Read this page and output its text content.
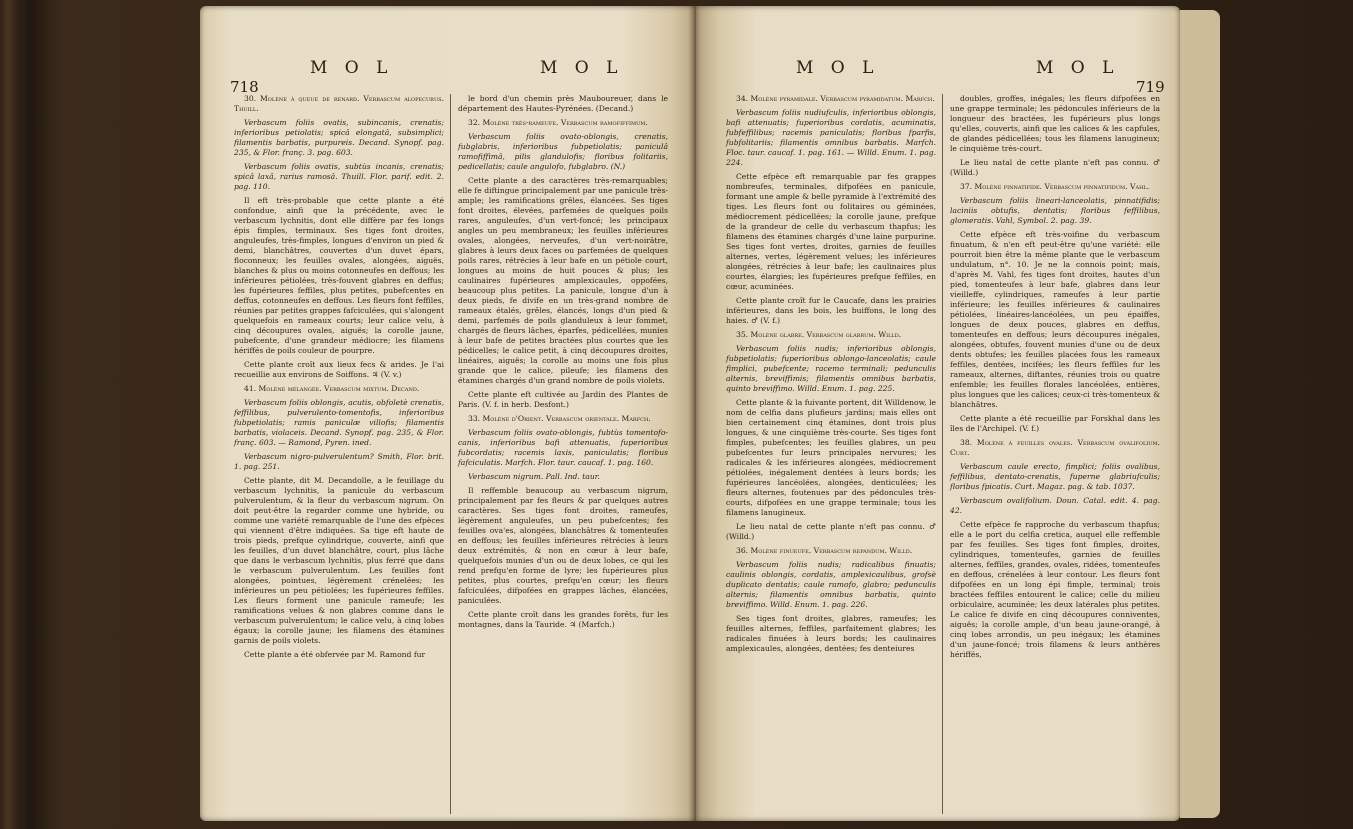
718
M O L	M O L

30. Molène à queue de renard. Verbascum alopecurus. Thuill.

Verbascum foliis ovatis, subincanis, crenatis; inferioribus petiolatis; spicâ elongatâ, subsimplici; filamentis barbatis, purpureis. Decand. Synopf. pag. 235, & Flor. franç. 3. pag. 603.

Verbascum foliis ovatis, subtùs incanis, crenatis; spicâ laxâ, rarius ramosâ. Thuill. Flor. parif. edit. 2. pag. 110.

Il eft très-probable que cette plante a été confondue, ainfi que la précédente, avec le verbascum lychnitis, dont elle diffère par fes longs épis fimples, terminaux. Ses tiges font droites, anguleufes, très-fimples, longues d'environ un pied & demi, blanchâtres, couvertes d'un duvet épars, floconneux; les feuilles ovales, alongées, aiguës, blanches & plus ou moins cotonneufes en deffous; les inférieures pétiolées, très-fouvent glabres en deffus; les fupérieures feffiles, plus petites, pubefcentes en deffus, cotonneufes en deffous. Les fleurs font feffiles, réunies par petites grappes fafciculées, qui s'alongent quelquefois en rameaux courts; leur calice velu, à cinq découpures ovales, aiguës; la corolle jaune, pubefcente, d'une grandeur médiocre; les filamens hériffés de poils couleur de pourpre.

Cette plante croît aux lieux fecs & arides. Je l'ai recueillie aux environs de Soiffons. ♃ (V. v.)

41. Molène mélangée. Verbascum mixtum. Decand.

Verbascum foliis oblongis, acutis, obfoletè crenatis, feffilibus, pulverulento-tomentofis, inferioribus fubpetiolatis; ramis paniculæ villofis; filamentis barbatis, violaceis. Decand. Synopf. pag. 235, & Flor. franç. 603. — Ramond, Pyren. ined.

Verbascum nigro-pulverulentum? Smith, Flor. brit. 1. pag. 251.

Cette plante, dit M. Decandolle, a le feuillage du verbascum lychnitis, la panicule du verbascum pulverulentum, & la fleur du verbascum nigrum. On doit peut-être la regarder comme une hybride, ou comme une variété remarquable de l'une des efpèces qui viennent d'être indiquées. Sa tige eft haute de trois pieds, prefque cylindrique, couverte, ainfi que les feuilles, d'un duvet blanchâtre, court, plus lâche que dans le verbascum lychnitis, plus ferré que dans le verbascum pulverulentum. Les feuilles font alongées, pointues, légèrement crénelées; les inférieures un peu pétiolées; les fupérieures feffiles. Les fleurs forment une panicule rameufe; les ramifications velues & non glabres comme dans le verbascum pulverulentum; le calice velu, à cinq lobes égaux; la corolle jaune; les filamens des étamines garnis de poils violets.

Cette plante a été obfervée par M. Ramond fur

le bord d'un chemin près Mauboureuer, dans le département des Hautes-Pyrénées. (Decand.)

32. Molène très-rameufe. Verbascum ramofiffimum.

Verbascum foliis ovato-oblongis, crenatis, fubglabris, inferioribus fubpetiolatis; paniculâ ramofiffimâ, pilis glandulofis; floribus folitariis, pedicellatis; caule angulofo, fubglabro. (N.)

Cette plante a des caractères très-remarquables; elle fe diftingue principalement par une panicule très-ample; les ramifications grêles, élancées. Ses tiges font droites, élevées, parfemées de quelques poils rares, anguleufes, d'un vert-foncé; les principaux angles un peu membraneux; les feuilles inférieures ovales, alongées, nerveufes, d'un vert-noirâtre, glabres à leurs deux faces ou parfemées de quelques poils rares, rétrécies à leur bafe en un pétiole court, longues au moins de huit pouces & plus; les caulinaires fupérieures amplexicaules, oppofées, beaucoup plus petites. La panicule, longue d'un à deux pieds, fe divife en un très-grand nombre de rameaux étalés, grêles, élancés, longs d'un pied & demi, parfemés de poils glanduleux à leur fommet, chargés de fleurs lâches, éparfes, pédicellées, munies à leur bafe de petites bractées plus courtes que les pédicelles; le calice petit, à cinq découpures droites, linéaires, aiguës; la corolle au moins une fois plus grande que le calice, pileufe; les filamens des étamines chargés d'un grand nombre de poils violets.

Cette plante eft cultivée au Jardin des Plantes de Paris. (V. f. in herb. Desfont.)

33. Molène d'Orient. Verbascum orientale. Marfch.

Verbascum foliis ovato-oblongis, fubtùs tomentofo-canis, inferioribus bafi attenuatis, fuperioribus fubcordatis; racemis laxis, paniculatis; floribus fafciculatis. Marfch. Flor. taur. caucaf. 1. pag. 160.

Verbascum nigrum. Pall. Ind. taur.

Il reffemble beaucoup au verbascum nigrum, principalement par fes fleurs & par quelques autres caractères. Ses tiges font droites, rameufes, légèrement anguleufes, un peu pubefcentes; fes feuilles ova'es, alongées, blanchâtres & tomenteufes en deffous; les feuilles inférieures rétrécies à leurs deux extrémités, & non en cœur à leur bafe, quelquefois munies d'un ou de deux lobes, ce qui les rend prefqu'en forme de lyre; les fupérieures plus petites, plus courtes, prefqu'en cœur; les fleurs fafciculées, difpofées en grappes lâches, élancées, paniculées.

Cette plante croît dans les grandes forêts, fur les montagnes, dans la Tauride. ♃ (Marfch.)

M O L	M O L
719

34. Molène pyramidale. Verbascum pyramidatum. Marfch.

Verbascum foliis nudiufculis, inferioribus oblongis, bafi attenuatis; fuperioribus cordatis, acuminatis, fubfeffilibus; racemis paniculatis; floribus fparfis, fubfolitariis; filamentis omnibus barbatis. Marfch. Floc. taur. caucaf. 1. pag. 161. — Willd. Enum. 1. pag. 224.

Cette efpèce eft remarquable par fes grappes nombreufes, terminales, difpofées en panicule, formant une ample & belle pyramide à l'extrémité des tiges. Les fleurs font ou folitaires ou géminées, médiocrement pédicellées; la corolle jaune, prefque de la grandeur de celle du verbascum thapfus; les filamens des étamines chargés d'une laine purpurine. Ses tiges font vertes, droites, garnies de feuilles alternes, vertes, légèrement velues; les inférieures alongées, rétrécies à leur bafe; les caulinaires plus courtes, élargies; les fupérieures prefque feffiles, en cœur, acuminées.

Cette plante croît fur le Caucafe, dans les prairies inférieures, dans les bois, les buiffons, le long des haies. ♂ (V. f.)

35. Molène glabre. Verbascum glabrum. Willd.

Verbascum foliis nudis; inferioribus oblongis, fubpetiolatis; fuperioribus oblongo-lanceolatis; caule fimplici, pubefcente; racemo terminali; pedunculis alternis, breviffimis; filamentis omnibus barbatis, quinto breviffimo. Willd. Enum. 1. pag. 225.

Cette plante & la fuivante portent, dit Willdenow, le nom de celfia dans plufieurs jardins; mais elles ont bien certainement cinq étamines, dont trois plus longues, & une cinquième très-courte. Ses tiges font fimples, pubefcentes; les feuilles glabres, un peu pubefcentes fur leurs principales nervures; les radicales & les inférieures alongées, médiocrement pétiolées, inégalement dentées à leurs bords; les fupérieures lancéolées, alongées, denticulées; les fleurs alternes, foutenues par des pédoncules très-courts, difpofées en une grappe terminale; tous les filamens lanugineux.

Le lieu natal de cette plante n'eft pas connu. ♂ (Willd.)

36. Molène finueufe. Verbascum repandum. Willd.

Verbascum foliis nudis; radicalibus finuatis; caulinis oblongis, cordatis, amplexicaulibus, grofsè duplicato dentatis; caule ramofo, glabro; pedunculis alternis; filamentis omnibus barbatis, quinto breviffimo. Willd. Enum. 1. pag. 226.

Ses tiges font droites, glabres, rameufes; les feuilles alternes, feffiles, parfaitement glabres; les radicales finuées à leurs bords; les caulinaires amplexicaules, alongées, dentées; fes denteiures

doubles, groffes, inégales; les fleurs difpofées en une grappe terminale; les pédoncules inférieurs de la longueur des bractées, les fupérieurs plus longs qu'elles, couverts, ainfi que les calices & les capfules, de glandes pédicellées; tous les filamens lanugineux; le cinquième très-court.

Le lieu natal de cette plante n'eft pas connu. ♂ (Willd.)

37. Molène pinnatifide. Verbascum pinnatifidum. Vahl.

Verbascum foliis lineari-lanceolatis, pinnatifidis; laciniis obtufis, dentatis; floribus feffilibus, glomeratis. Vahl, Symbol. 2. pag. 39.

Cette efpèce eft très-voifine du verbascum finuatum, & n'en eft peut-être qu'une variété: elle pourroit bien être la même plante que le verbascum undulatum, n°. 10. Je ne la connois point; mais, d'après M. Vahl, fes tiges font droites, hautes d'un pied, tomenteufes à leur bafe, glabres dans leur vieilleffe, cylindriques, rameufes à leur partie inférieure; les feuilles inférieures & caulinaires pétiolées, linéaires-lancéolées, un peu épaiffes, longues de deux pouces, glabres en deffus, tomenteufes en deffous; leurs découpures inégales, alongées, obtufes, fouvent munies d'une ou de deux dents obtufes; les feuilles placées fous les rameaux feffiles, dentées, incifées; les fleurs feffiles fur les rameaux, alternes, diftantes, réunies trois ou quatre enfemble; les feuilles florales lancéolées, entières, plus longues que les calices; ceux-ci très-tomenteux & blanchâtres.

Cette plante a été recueillie par Forskhal dans les îles de l'Archipel. (V. f.)

38. Molène à feuilles ovales. Verbascum ovalifolium. Curt.

Verbascum caule erecto, fimplici; foliis ovalibus, feffilibus, dentato-crenatis, fuperne glabriufculis; floribus fpicatis. Curt. Magaz. pag. & tab. 1037.

Verbascum ovalifolium. Doun. Catal. edit. 4. pag. 42.

Cette efpèce fe rapproche du verbascum thapfus; elle a le port du celfia cretica, auquel elle reffemble par fes feuilles. Ses tiges font fimples, droites, cylindriques, tomenteufes, garnies de feuilles alternes, feffiles, grandes, ovales, ridées, tomenteufes en deffous, crénelées à leur contour. Les fleurs font difpofées en un long épi fimple, terminal; trois bractées feffiles entourent le calice; celle du milieu orbiculaire, acuminée; les deux latérales plus petites. Le calice fe divife en cinq découpures conniventes, aiguës; la corolle ample, d'un beau jaune-orangé, à cinq lobes arrondis, un peu inégaux; les étamines d'un jaune-foncé; trois filamens & leurs anthères hériffés,
